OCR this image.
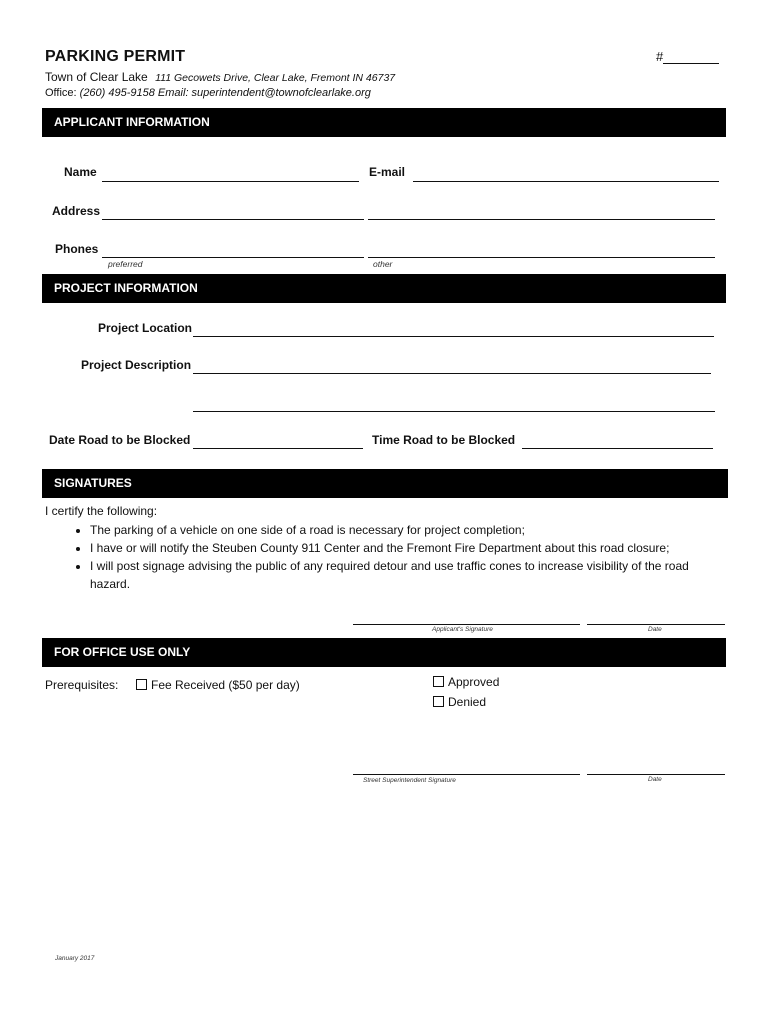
PARKING PERMIT	#
Town of Clear Lake 111 Gecowets Drive, Clear Lake, Fremont IN 46737
Office: (260) 495-9158 Email: superintendent@townofclearlake.org
APPLICANT INFORMATION
Name	E-mail
Address
Phones
preferred	other
PROJECT INFORMATION
Project Location
Project Description
Date Road to be Blocked	Time Road to be Blocked
SIGNATURES
I certify the following:
• The parking of a vehicle on one side of a road is necessary for project completion;
• I have or will notify the Steuben County 911 Center and the Fremont Fire Department about this road closure;
• I will post signage advising the public of any required detour and use traffic cones to increase visibility of the road hazard.
Applicant's Signature	Date
FOR OFFICE USE ONLY
Prerequisites:	Fee Received ($50 per day)	Approved
Denied
Street Superintendent Signature	Date
January 2017
